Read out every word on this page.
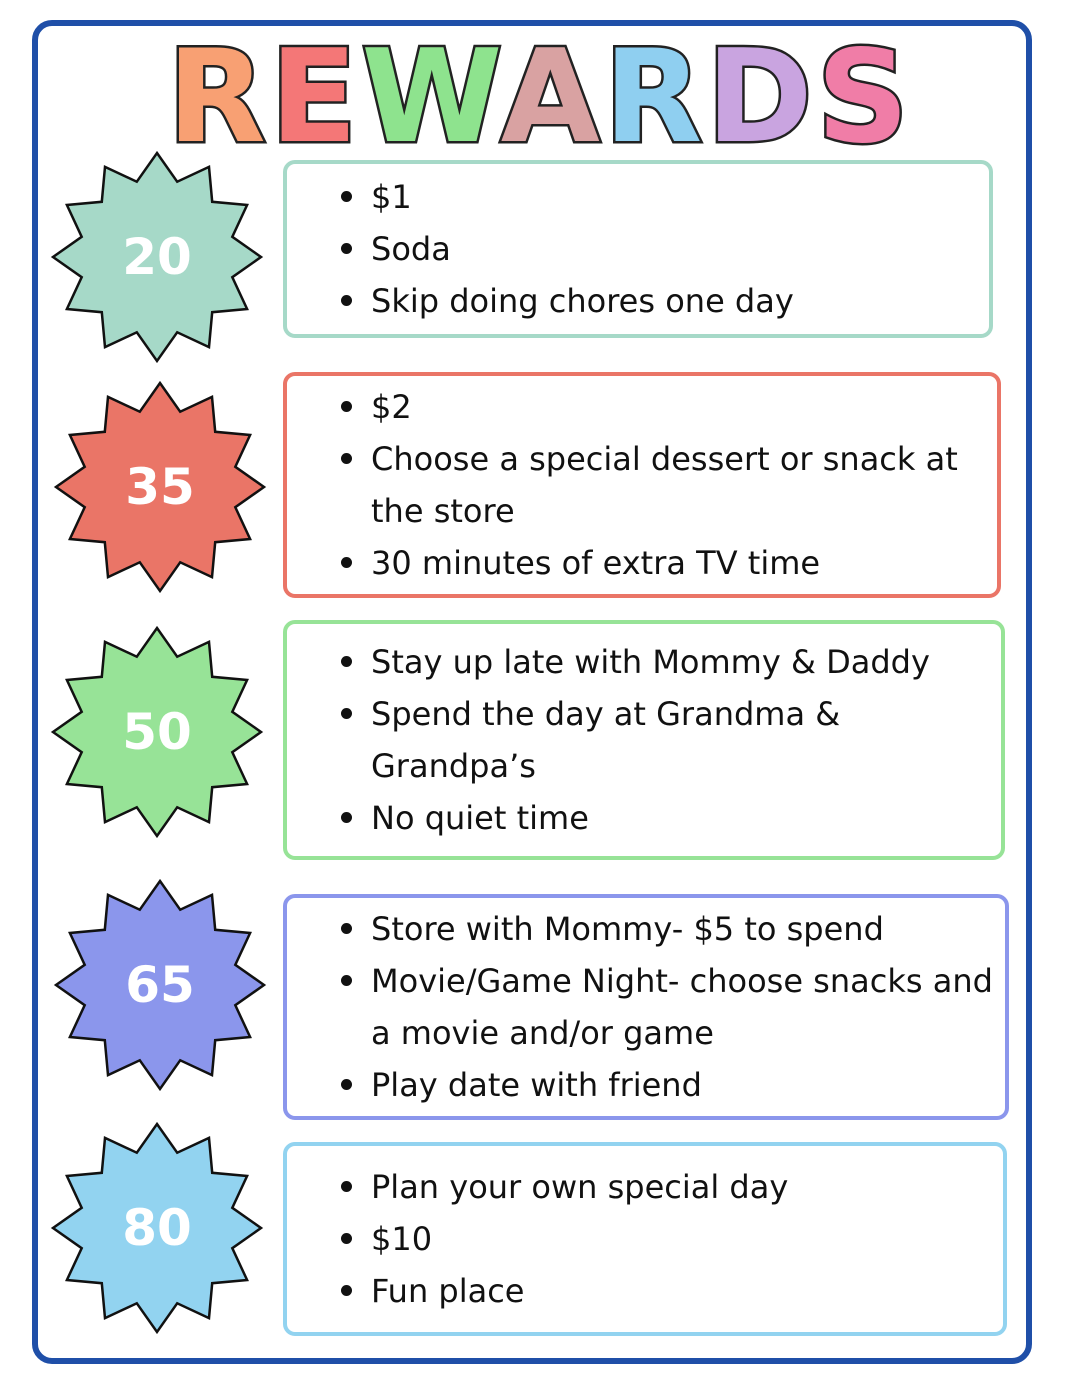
REWARDS
20
$1
Soda
Skip doing chores one day
35
$2
Choose a special dessert or snack at the store
30 minutes of extra TV time
50
Stay up late with Mommy & Daddy
Spend the day at Grandma & Grandpa’s
No quiet time
65
Store with Mommy- $5 to spend
Movie/Game Night- choose snacks and a movie and/or game
Play date with friend
80
Plan your own special day
$10
Fun place
